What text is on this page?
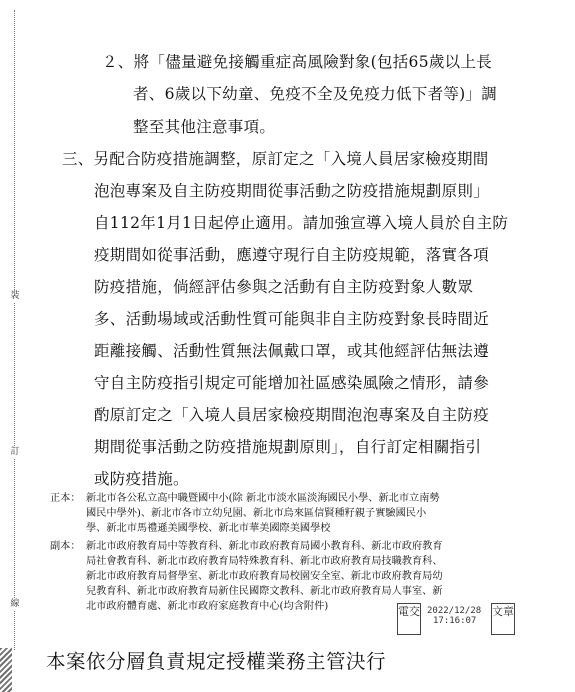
裝
訂
線
２、將「儘量避免接觸重症高風險對象(包括65歲以上長
者、6歲以下幼童、免疫不全及免疫力低下者等)」調
整至其他注意事項。
三、另配合防疫措施調整，原訂定之「入境人員居家檢疫期間
泡泡專案及自主防疫期間從事活動之防疫措施規劃原則」
自112年1月1日起停止適用。請加強宣導入境人員於自主防
疫期間如從事活動，應遵守現行自主防疫規範，落實各項
防疫措施，倘經評估參與之活動有自主防疫對象人數眾
多、活動場域或活動性質可能與非自主防疫對象長時間近
距離接觸、活動性質無法佩戴口罩，或其他經評估無法遵
守自主防疫指引規定可能增加社區感染風險之情形，請參
酌原訂定之「入境人員居家檢疫期間泡泡專案及自主防疫
期間從事活動之防疫措施規劃原則」，自行訂定相關指引
或防疫措施。
正本： 新北市各公私立高中職暨國中小(除 新北市淡水區淡海國民小學、新北市立南勢
國民中學外)、新北市各市立幼兒園、新北市烏來區信賢種籽親子實驗國民小
學、新北市馬禮遜美國學校、新北市華美國際美國學校
副本： 新北市政府教育局中等教育科、新北市政府教育局國小教育科、新北市政府教育
局社會教育科、新北市政府教育局特殊教育科、新北市政府教育局技職教育科、
新北市政府教育局督學室、新北市政府教育局校園安全室、新北市政府教育局幼
兒教育科、新北市政府教育局新住民國際文教科、新北市政府教育局人事室、新
北市政府體育處、新北市政府家庭教育中心(均含附件)	電交 2022/12/28
17:16:07
文章
本案依分層負責規定授權業務主管決行
